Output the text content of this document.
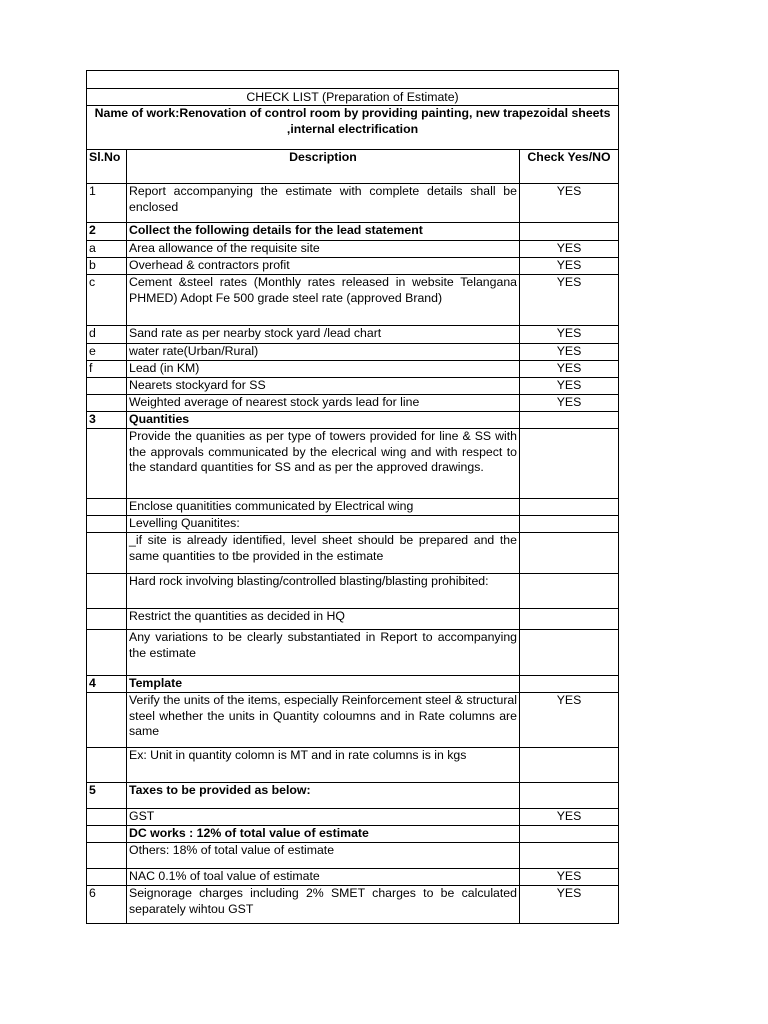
CHECK LIST (Preparation of Estimate)		
Name of work:Renovation of control room by providing painting, new trapezoidal sheets ,internal electrification		
Sl.No	Description	Check Yes/NO
1	Report accompanying the estimate with complete details shall be enclosed	YES
2	Collect the following details for the lead statement	
a	Area allowance of the requisite site	YES
b	Overhead & contractors profit	YES
c	Cement &steel rates (Monthly rates released in website Telangana PHMED) Adopt Fe 500 grade steel rate (approved Brand)	YES
d	Sand rate as per nearby stock yard /lead chart	YES
e	water rate(Urban/Rural)	YES
f	Lead (in KM)	YES
	Nearets stockyard for SS	YES
	Weighted average of nearest stock yards lead for line	YES
3	Quantities	
	Provide the quanities as per type of towers provided for line & SS with the approvals communicated by the elecrical wing and with respect to the standard quantities for SS and as per the approved drawings.	
	Enclose quanitities communicated by Electrical wing	
	Levelling Quanitites:	
	_if site is already identified, level sheet should be prepared and the same quantities to tbe provided in the estimate	
	Hard rock involving blasting/controlled blasting/blasting prohibited:	
	Restrict the quantities as decided in HQ	
	Any variations to be clearly substantiated in Report to accompanying the estimate	
4	Template	
	Verify the units of the items, especially Reinforcement steel & structural steel whether the units in Quantity coloumns and in Rate columns are same	YES
	Ex: Unit in quantity colomn is MT and in rate columns is in kgs	
5	Taxes to be provided as below:	
	GST	YES
	DC works : 12% of total value of estimate	
	Others: 18% of total value of estimate	
	NAC 0.1% of toal value of estimate	YES
6	Seignorage charges including 2% SMET charges to be calculated separately wihtou GST	YES
